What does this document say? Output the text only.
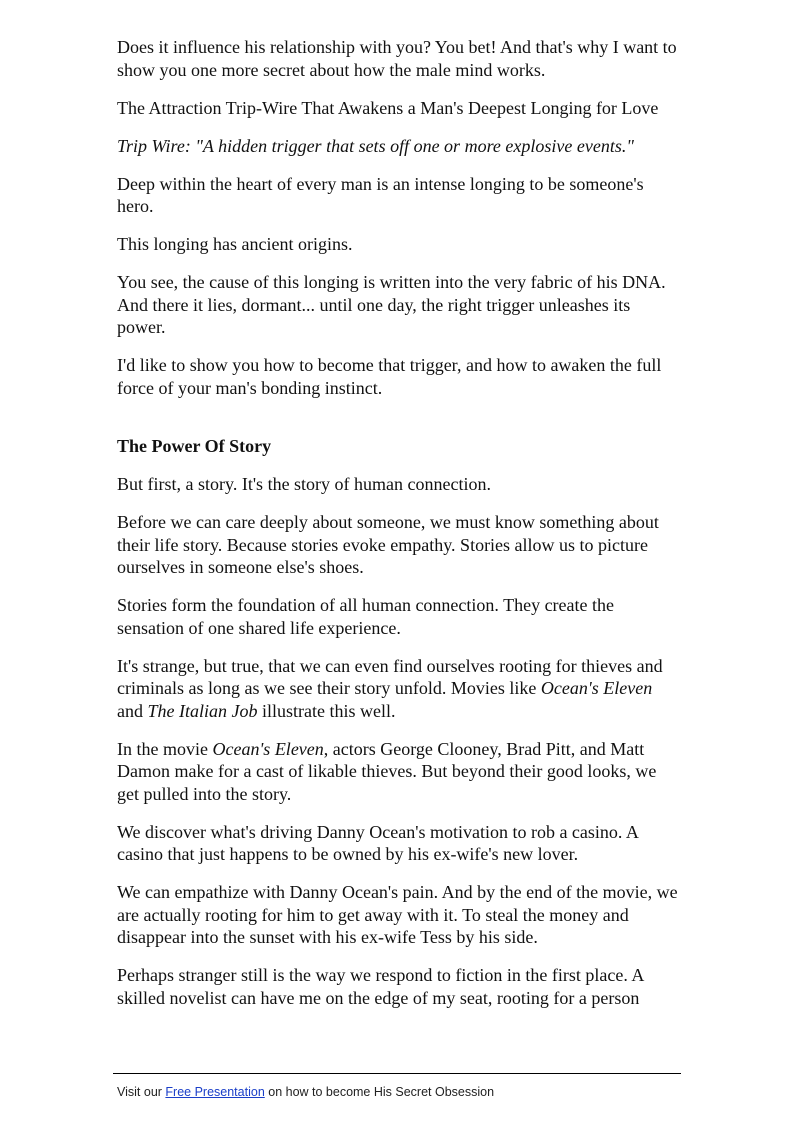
Does it influence his relationship with you? You bet! And that's why I want to show you one more secret about how the male mind works.

The Attraction Trip-Wire That Awakens a Man's Deepest Longing for Love

Trip Wire: "A hidden trigger that sets off one or more explosive events."

Deep within the heart of every man is an intense longing to be someone's hero.

This longing has ancient origins.

You see, the cause of this longing is written into the very fabric of his DNA. And there it lies, dormant... until one day, the right trigger unleashes its power.

I'd like to show you how to become that trigger, and how to awaken the full force of your man's bonding instinct.

The Power Of Story

But first, a story. It's the story of human connection.

Before we can care deeply about someone, we must know something about their life story. Because stories evoke empathy. Stories allow us to picture ourselves in someone else's shoes.

Stories form the foundation of all human connection. They create the sensation of one shared life experience.

It's strange, but true, that we can even find ourselves rooting for thieves and criminals as long as we see their story unfold. Movies like Ocean's Eleven and The Italian Job illustrate this well.

In the movie Ocean's Eleven, actors George Clooney, Brad Pitt, and Matt Damon make for a cast of likable thieves. But beyond their good looks, we get pulled into the story.

We discover what's driving Danny Ocean's motivation to rob a casino. A casino that just happens to be owned by his ex-wife's new lover.

We can empathize with Danny Ocean's pain. And by the end of the movie, we are actually rooting for him to get away with it. To steal the money and disappear into the sunset with his ex-wife Tess by his side.

Perhaps stranger still is the way we respond to fiction in the first place. A skilled novelist can have me on the edge of my seat, rooting for a person

Visit our Free Presentation on how to become His Secret Obsession
